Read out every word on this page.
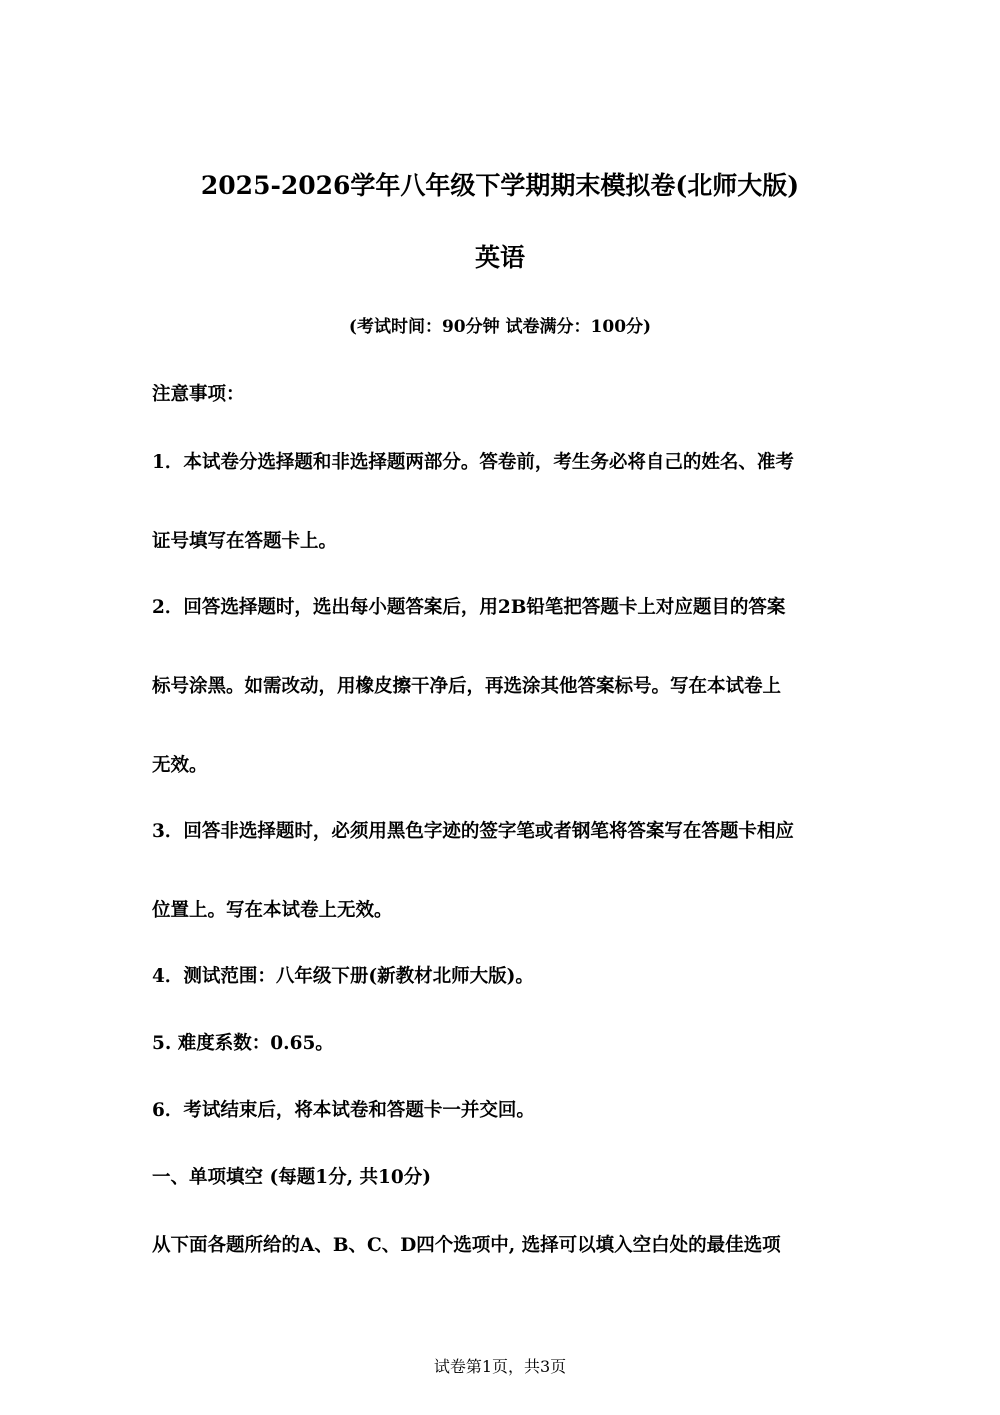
2025-2026学年八年级下学期期末模拟卷(北师大版)
英语
(考试时间：90分钟 试卷满分：100分)
注意事项：
1．本试卷分选择题和非选择题两部分。答卷前，考生务必将自己的姓名、准考
证号填写在答题卡上。
2．回答选择题时，选出每小题答案后，用2B铅笔把答题卡上对应题目的答案
标号涂黑。如需改动，用橡皮擦干净后，再选涂其他答案标号。写在本试卷上
无效。
3．回答非选择题时，必须用黑色字迹的签字笔或者钢笔将答案写在答题卡相应
位置上。写在本试卷上无效。
4．测试范围：八年级下册(新教材北师大版)。
5. 难度系数：0.65。
6．考试结束后，将本试卷和答题卡一并交回。
一、单项填空 (每题1分, 共10分)
从下面各题所给的A、B、C、D四个选项中, 选择可以填入空白处的最佳选项
试卷第1页，共3页
